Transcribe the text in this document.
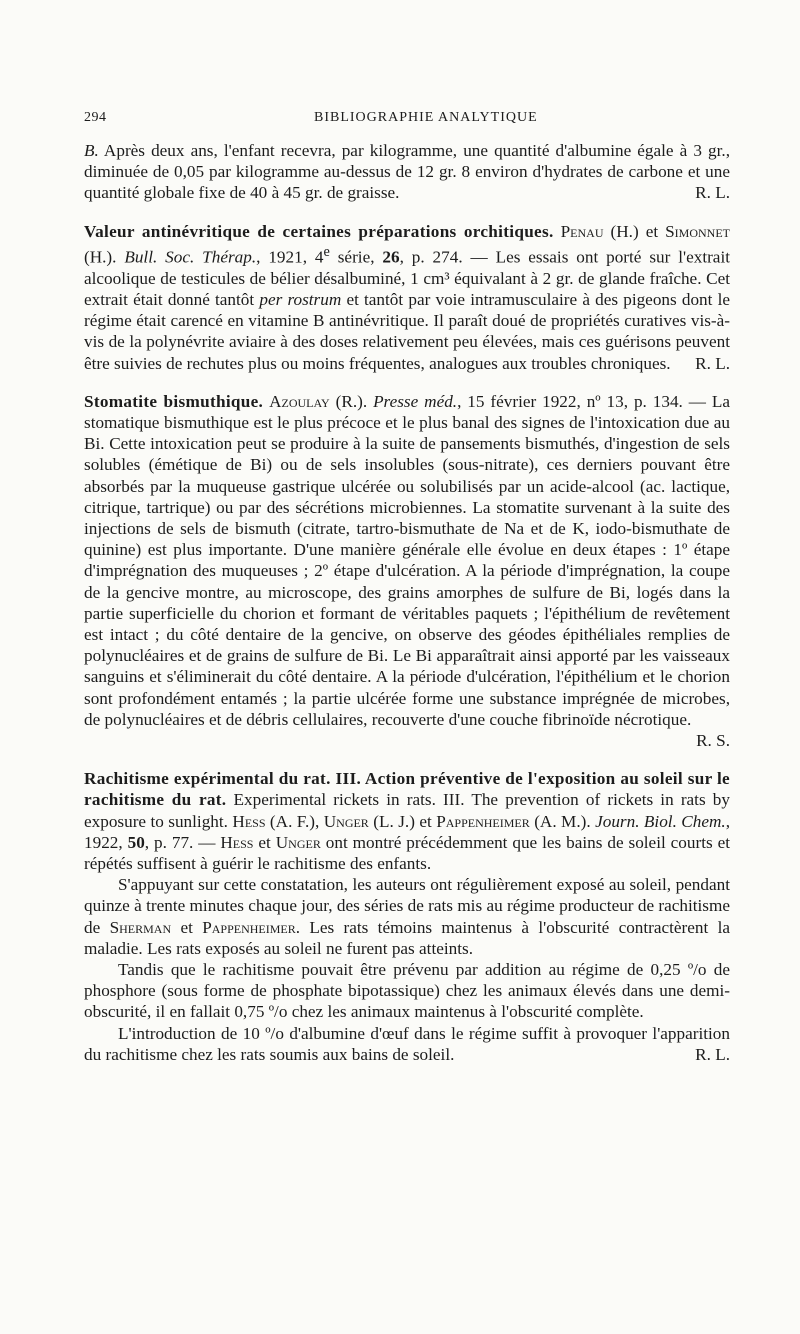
294	BIBLIOGRAPHIE ANALYTIQUE

B. Après deux ans, l'enfant recevra, par kilogramme, une quantité d'albumine égale à 3 gr., diminuée de 0,05 par kilogramme au-dessus de 12 gr. 8 environ d'hydrates de carbone et une quantité globale fixe de 40 à 45 gr. de graisse.	R. L.

Valeur antinévritique de certaines préparations orchitiques. Penau (H.) et Simonnet (H.). Bull. Soc. Thérap., 1921, 4e série, 26, p. 274. — Les essais ont porté sur l'extrait alcoolique de testicules de bélier désalbuminé, 1 cm³ équivalant à 2 gr. de glande fraîche. Cet extrait était donné tantôt per rostrum et tantôt par voie intramusculaire à des pigeons dont le régime était carencé en vitamine B antinévritique. Il paraît doué de propriétés curatives vis-à-vis de la polynévrite aviaire à des doses relativement peu élevées, mais ces guérisons peuvent être suivies de rechutes plus ou moins fréquentes, analogues aux troubles chroniques.	R. L.

Stomatite bismuthique. Azoulay (R.). Presse méd., 15 février 1922, nº 13, p. 134. — La stomatique bismuthique est le plus précoce et le plus banal des signes de l'intoxication due au Bi. Cette intoxication peut se produire à la suite de pansements bismuthés, d'ingestion de sels solubles (émétique de Bi) ou de sels insolubles (sous-nitrate), ces derniers pouvant être absorbés par la muqueuse gastrique ulcérée ou solubilisés par un acide-alcool (ac. lactique, citrique, tartrique) ou par des sécrétions microbiennes. La stomatite survenant à la suite des injections de sels de bismuth (citrate, tartro-bismuthate de Na et de K, iodo-bismuthate de quinine) est plus importante. D'une manière générale elle évolue en deux étapes : 1º étape d'imprégnation des muqueuses ; 2º étape d'ulcération. A la période d'imprégnation, la coupe de la gencive montre, au microscope, des grains amorphes de sulfure de Bi, logés dans la partie superficielle du chorion et formant de véritables paquets ; l'épithélium de revêtement est intact ; du côté dentaire de la gencive, on observe des géodes épithéliales remplies de polynucléaires et de grains de sulfure de Bi. Le Bi apparaîtrait ainsi apporté par les vaisseaux sanguins et s'éliminerait du côté dentaire. A la période d'ulcération, l'épithélium et le chorion sont profondément entamés ; la partie ulcérée forme une substance imprégnée de microbes, de polynucléaires et de débris cellulaires, recouverte d'une couche fibrinoïde nécrotique.
R. S.

Rachitisme expérimental du rat. III. Action préventive de l'exposition au soleil sur le rachitisme du rat. Experimental rickets in rats. III. The prevention of rickets in rats by exposure to sunlight. Hess (A. F.), Unger (L. J.) et Pappenheimer (A. M.). Journ. Biol. Chem., 1922, 50, p. 77. — Hess et Unger ont montré précédemment que les bains de soleil courts et répétés suffisent à guérir le rachitisme des enfants.

S'appuyant sur cette constatation, les auteurs ont régulièrement exposé au soleil, pendant quinze à trente minutes chaque jour, des séries de rats mis au régime producteur de rachitisme de Sherman et Pappenheimer. Les rats témoins maintenus à l'obscurité contractèrent la maladie. Les rats exposés au soleil ne furent pas atteints.

Tandis que le rachitisme pouvait être prévenu par addition au régime de 0,25 º/o de phosphore (sous forme de phosphate bipotassique) chez les animaux élevés dans une demi-obscurité, il en fallait 0,75 º/o chez les animaux maintenus à l'obscurité complète.

L'introduction de 10 º/o d'albumine d'œuf dans le régime suffit à provoquer l'apparition du rachitisme chez les rats soumis aux bains de soleil.	R. L.
